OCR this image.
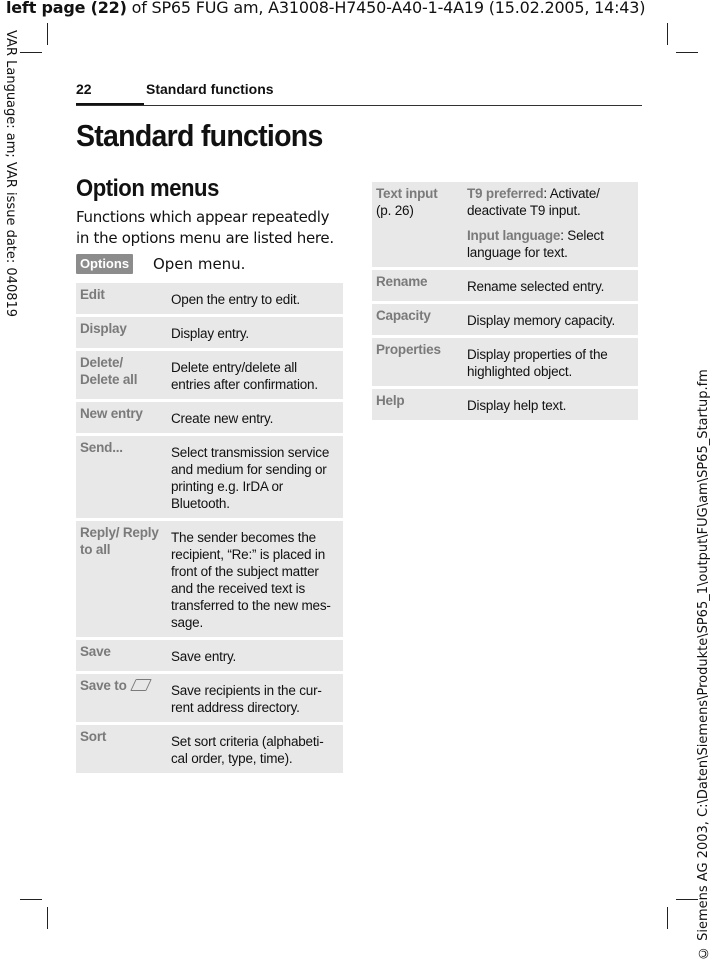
left page (22) of SP65 FUG am, A31008-H7450-A40-1-4A19 (15.02.2005, 14:43)
VAR Language: am; VAR issue date: 040819
© Siemens AG 2003, C:\Daten\Siemens\Produkte\SP65_1\output\FUG\am\SP65_Startup.fm
22	Standard functions
Standard functions
Option menus
Functions which appear repeatedly in the options menu are listed here.
Options Open menu.
Edit	Open the entry to edit.
Display	Display entry.
Delete/ Delete all	Delete entry/delete all entries after confirmation.
New entry	Create new entry.
Send...	Select transmission service and medium for sending or printing e.g. IrDA or Bluetooth.
Reply/ Reply to all	The sender becomes the recipient, “Re:” is placed in front of the subject matter and the received text is transferred to the new mes-sage.
Save	Save entry.
Save to	Save recipients in the cur-rent address directory.
Sort	Set sort criteria (alphabeti-cal order, type, time).
Text input
(p. 26)	T9 preferred: Activate/ deactivate T9 input.
Input language: Select language for text.
Rename	Rename selected entry.
Capacity	Display memory capacity.
Properties	Display properties of the highlighted object.
Help	Display help text.
